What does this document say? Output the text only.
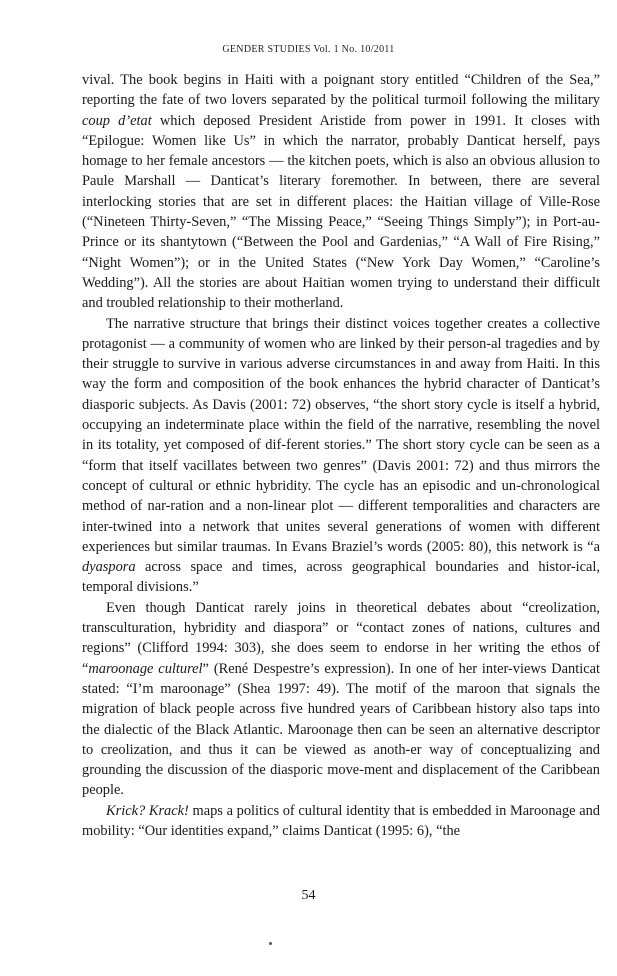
GENDER STUDIES Vol. 1 No. 10/2011

vival. The book begins in Haiti with a poignant story entitled “Children of the Sea,” reporting the fate of two lovers separated by the political turmoil following the military coup d’etat which deposed President Aristide from power in 1991. It closes with “Epilogue: Women like Us” in which the narrator, probably Danticat herself, pays homage to her female ancestors — the kitchen poets, which is also an obvious allusion to Paule Marshall — Danticat’s literary foremother. In between, there are several interlocking stories that are set in different places: the Haitian village of Ville-Rose (“Nineteen Thirty-Seven,” “The Missing Peace,” “Seeing Things Simply”); in Port-au-Prince or its shantytown (“Between the Pool and Gardenias,” “A Wall of Fire Rising,” “Night Women”); or in the United States (“New York Day Women,” “Caroline’s Wedding”). All the stories are about Haitian women trying to understand their difficult and troubled relationship to their motherland.

The narrative structure that brings their distinct voices together creates a collective protagonist — a community of women who are linked by their person-al tragedies and by their struggle to survive in various adverse circumstances in and away from Haiti. In this way the form and composition of the book enhances the hybrid character of Danticat’s diasporic subjects. As Davis (2001: 72) observes, “the short story cycle is itself a hybrid, occupying an indeterminate place within the field of the narrative, resembling the novel in its totality, yet composed of dif-ferent stories.” The short story cycle can be seen as a “form that itself vacillates between two genres” (Davis 2001: 72) and thus mirrors the concept of cultural or ethnic hybridity. The cycle has an episodic and un-chronological method of nar-ration and a non-linear plot — different temporalities and characters are inter-twined into a network that unites several generations of women with different experiences but similar traumas. In Evans Braziel’s words (2005: 80), this network is “a dyaspora across space and times, across geographical boundaries and histor-ical, temporal divisions.”

Even though Danticat rarely joins in theoretical debates about “creolization, transculturation, hybridity and diaspora” or “contact zones of nations, cultures and regions” (Clifford 1994: 303), she does seem to endorse in her writing the ethos of “maroonage culturel” (René Despestre’s expression). In one of her inter-views Danticat stated: “I’m maroonage” (Shea 1997: 49). The motif of the maroon that signals the migration of black people across five hundred years of Caribbean history also taps into the dialectic of the Black Atlantic. Maroonage then can be seen an alternative descriptor to creolization, and thus it can be viewed as anoth-er way of conceptualizing and grounding the discussion of the diasporic move-ment and displacement of the Caribbean people.

Krick? Krack! maps a politics of cultural identity that is embedded in Maroonage and mobility: “Our identities expand,” claims Danticat (1995: 6), “the

54
